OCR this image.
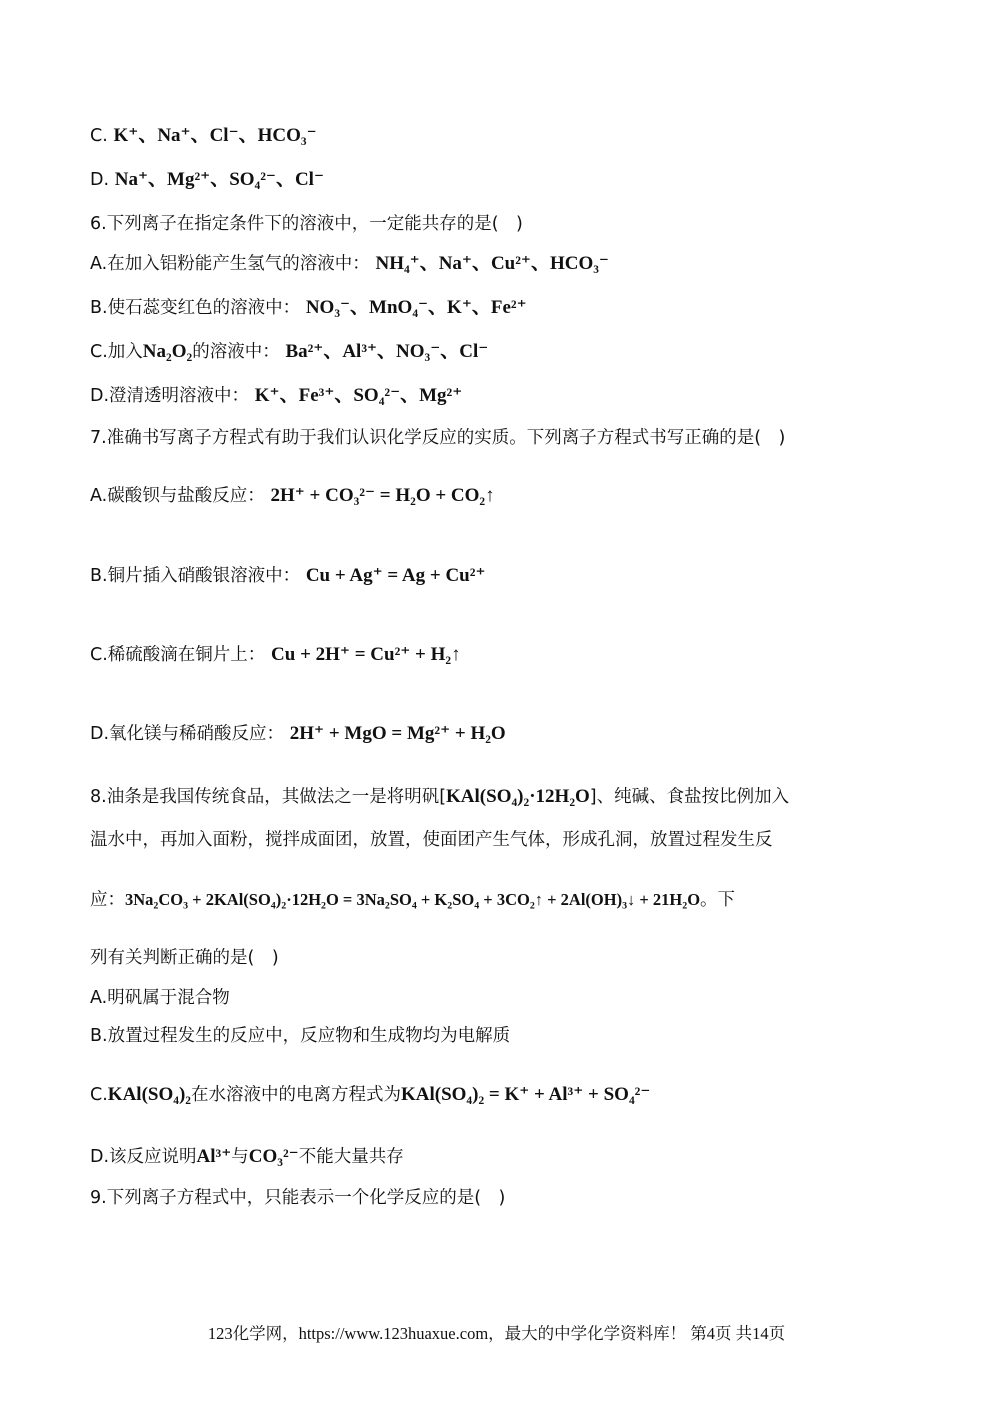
C. K⁺、Na⁺、Cl⁻、HCO₃⁻
D. Na⁺、Mg²⁺、SO₄²⁻、Cl⁻
6.下列离子在指定条件下的溶液中，一定能共存的是(　)
A.在加入铝粉能产生氢气的溶液中： NH₄⁺、Na⁺、Cu²⁺、HCO₃⁻
B.使石蕊变红色的溶液中： NO₃⁻、MnO₄⁻、K⁺、Fe²⁺
C.加入Na₂O₂的溶液中： Ba²⁺、Al³⁺、NO₃⁻、Cl⁻
D.澄清透明溶液中： K⁺、Fe³⁺、SO₄²⁻、Mg²⁺
7.准确书写离子方程式有助于我们认识化学反应的实质。下列离子方程式书写正确的是(　)
A.碳酸钡与盐酸反应： 2H⁺ + CO₃²⁻ = H₂O + CO₂↑
B.铜片插入硝酸银溶液中： Cu + Ag⁺ = Ag + Cu²⁺
C.稀硫酸滴在铜片上： Cu + 2H⁺ = Cu²⁺ + H₂↑
D.氧化镁与稀硝酸反应： 2H⁺ + MgO = Mg²⁺ + H₂O
8.油条是我国传统食品，其做法之一是将明矾[KAl(SO₄)₂·12H₂O]、纯碱、食盐按比例加入
温水中，再加入面粉，搅拌成面团，放置，使面团产生气体，形成孔洞，放置过程发生反
应：3Na₂CO₃ + 2KAl(SO₄)₂·12H₂O = 3Na₂SO₄ + K₂SO₄ + 3CO₂↑ + 2Al(OH)₃↓ + 21H₂O。下
列有关判断正确的是(　)
A.明矾属于混合物
B.放置过程发生的反应中，反应物和生成物均为电解质
C.KAl(SO₄)₂在水溶液中的电离方程式为KAl(SO₄)₂ = K⁺ + Al³⁺ + SO₄²⁻
D.该反应说明Al³⁺与CO₃²⁻不能大量共存
9.下列离子方程式中，只能表示一个化学反应的是(　)
123化学网，https://www.123huaxue.com，最大的中学化学资料库！ 第4页 共14页
